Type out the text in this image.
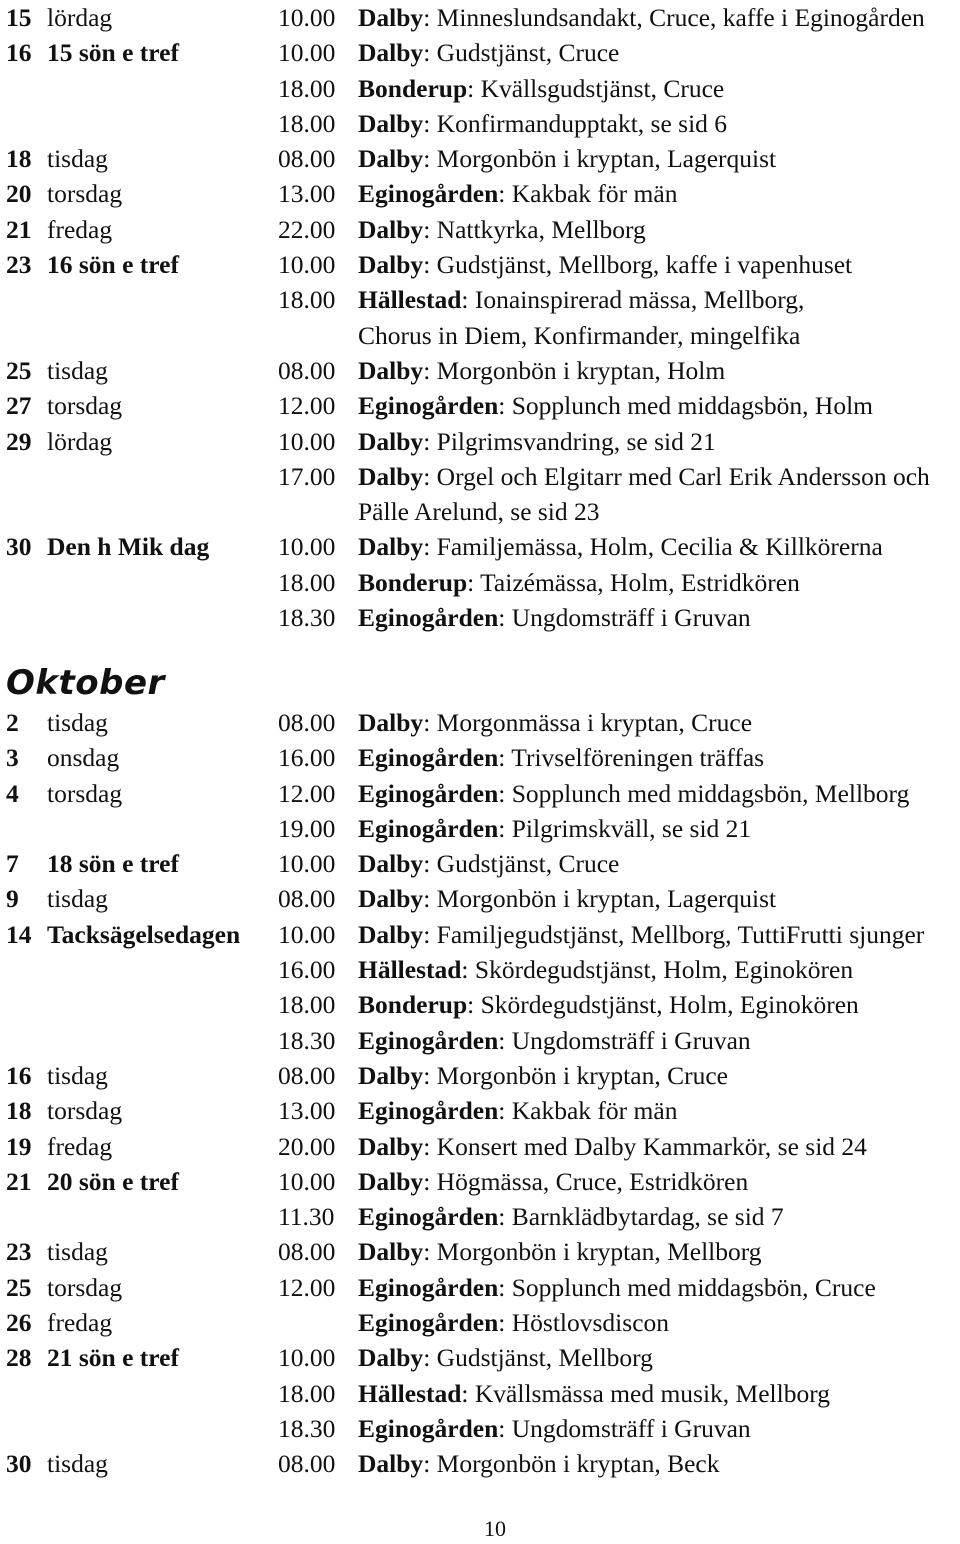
15 lördag	10.00 Dalby: Minneslundsandakt, Cruce, kaffe i Eginogården
16 15 sön e tref	10.00 Dalby: Gudstjänst, Cruce
18.00 Bonderup: Kvällsgudstjänst, Cruce
18.00 Dalby: Konfirmandupptakt, se sid 6
18 tisdag	08.00 Dalby: Morgonbön i kryptan, Lagerquist
20 torsdag	13.00 Eginogården: Kakbak för män
21 fredag	22.00 Dalby: Nattkyrka, Mellborg
23 16 sön e tref	10.00 Dalby: Gudstjänst, Mellborg, kaffe i vapenhuset
18.00 Hällestad: Ionainspirerad mässa, Mellborg,
Chorus in Diem, Konfirmander, mingelfika
25 tisdag	08.00 Dalby: Morgonbön i kryptan, Holm
27 torsdag	12.00 Eginogården: Sopplunch med middagsbön, Holm
29 lördag	10.00 Dalby: Pilgrimsvandring, se sid 21
17.00 Dalby: Orgel och Elgitarr med Carl Erik Andersson och
Pälle Arelund, se sid 23
30 Den h Mik dag	10.00 Dalby: Familjemässa, Holm, Cecilia & Killkörerna
18.00 Bonderup: Taizémässa, Holm, Estridkören
18.30 Eginogården: Ungdomsträff i Gruvan
Oktober
2 tisdag	08.00 Dalby: Morgonmässa i kryptan, Cruce
3 onsdag	16.00 Eginogården: Trivselföreningen träffas
4 torsdag	12.00 Eginogården: Sopplunch med middagsbön, Mellborg
19.00 Eginogården: Pilgrimskväll, se sid 21
7 18 sön e tref	10.00 Dalby: Gudstjänst, Cruce
9 tisdag	08.00 Dalby: Morgonbön i kryptan, Lagerquist
14 Tacksägelsedagen 10.00 Dalby: Familjegudstjänst, Mellborg, TuttiFrutti sjunger
16.00 Hällestad: Skördegudstjänst, Holm, Eginokören
18.00 Bonderup: Skördegudstjänst, Holm, Eginokören
18.30 Eginogården: Ungdomsträff i Gruvan
16 tisdag	08.00 Dalby: Morgonbön i kryptan, Cruce
18 torsdag	13.00 Eginogården: Kakbak för män
19 fredag	20.00 Dalby: Konsert med Dalby Kammarkör, se sid 24
21 20 sön e tref	10.00 Dalby: Högmässa, Cruce, Estridkören
11.30 Eginogården: Barnklädbytardag, se sid 7
23 tisdag	08.00 Dalby: Morgonbön i kryptan, Mellborg
25 torsdag	12.00 Eginogården: Sopplunch med middagsbön, Cruce
26 fredag	Eginogården: Höstlovsdiscon
28 21 sön e tref	10.00 Dalby: Gudstjänst, Mellborg
18.00 Hällestad: Kvällsmässa med musik, Mellborg
18.30 Eginogården: Ungdomsträff i Gruvan
30 tisdag	08.00 Dalby: Morgonbön i kryptan, Beck
10
